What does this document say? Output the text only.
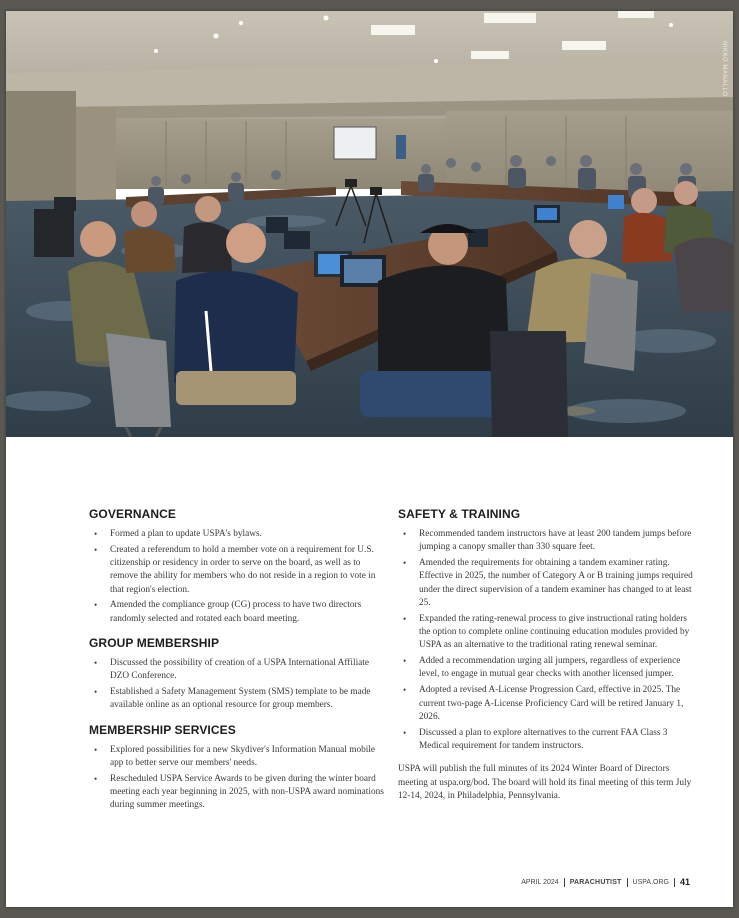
NIKKO MANALLO
GOVERNANCE
• Formed a plan to update USPA's bylaws.
• Created a referendum to hold a member vote on a requirement for U.S. citizenship or residency in order to serve on the board, as well as to remove the ability for members who do not reside in a region to vote in that region's election.
• Amended the compliance group (CG) process to have two directors randomly selected and rotated each board meeting.
GROUP MEMBERSHIP
• Discussed the possibility of creation of a USPA International Affiliate DZO Conference.
• Established a Safety Management System (SMS) template to be made available online as an optional resource for group members.
MEMBERSHIP SERVICES
• Explored possibilities for a new Skydiver's Information Manual mobile app to better serve our members' needs.
• Rescheduled USPA Service Awards to be given during the winter board meeting each year beginning in 2025, with non-USPA award nominations during summer meetings.
SAFETY & TRAINING
• Recommended tandem instructors have at least 200 tandem jumps before jumping a canopy smaller than 330 square feet.
• Amended the requirements for obtaining a tandem examiner rating. Effective in 2025, the number of Category A or B training jumps required under the direct supervision of a tandem examiner has changed to at least 25.
• Expanded the rating-renewal process to give instructional rating holders the option to complete online continuing education modules provided by USPA as an alternative to the traditional rating renewal seminar.
• Added a recommendation urging all jumpers, regardless of experience level, to engage in mutual gear checks with another licensed jumper.
• Adopted a revised A-License Progression Card, effective in 2025. The current two-page A-License Proficiency Card will be retired January 1, 2026.
• Discussed a plan to explore alternatives to the current FAA Class 3 Medical requirement for tandem instructors.

USPA will publish the full minutes of its 2024 Winter Board of Directors meeting at uspa.org/bod. The board will hold its final meeting of this term July 12-14, 2024, in Philadelphia, Pennsylvania.

APRIL 2024 PARACHUTIST USPA.ORG 41
